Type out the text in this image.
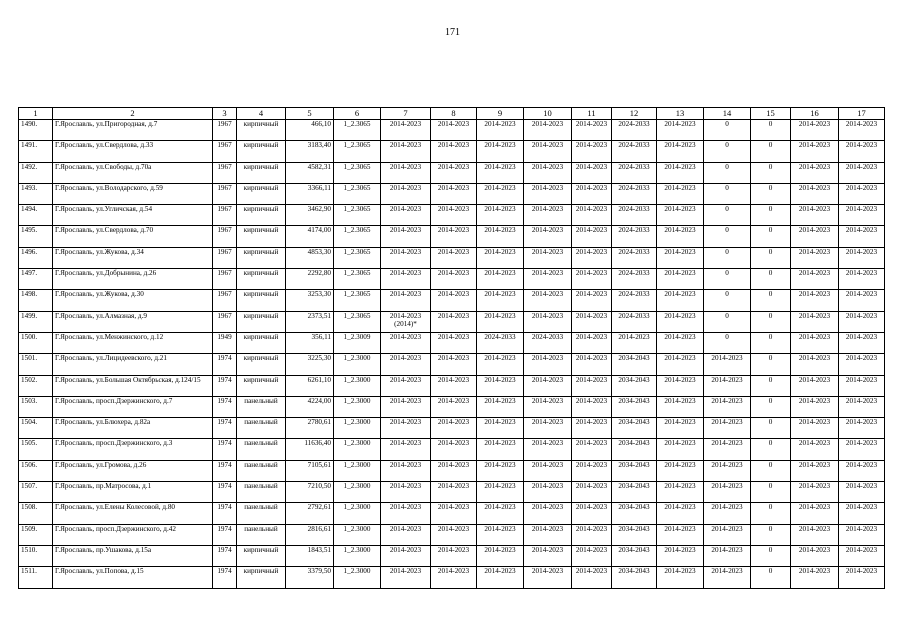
171
1	2	3	4	5	6	7	8	9	10	11	12	13	14	15	16	17
1490.	Г.Ярославль, ул.Пригородная, д.7	1967	кирпичный	466,10	1_2.3065	2014-2023	2014-2023	2014-2023	2014-2023	2014-2023	2024-2033	2014-2023	0	0	2014-2023	2014-2023
1491.	Г.Ярославль, ул.Свердлова, д.33	1967	кирпичный	3183,40	1_2.3065	2014-2023	2014-2023	2014-2023	2014-2023	2014-2023	2024-2033	2014-2023	0	0	2014-2023	2014-2023
1492.	Г.Ярославль, ул.Свободы, д.70а	1967	кирпичный	4582,31	1_2.3065	2014-2023	2014-2023	2014-2023	2014-2023	2014-2023	2024-2033	2014-2023	0	0	2014-2023	2014-2023
1493.	Г.Ярославль, ул.Володарского, д.59	1967	кирпичный	3366,11	1_2.3065	2014-2023	2014-2023	2014-2023	2014-2023	2014-2023	2024-2033	2014-2023	0	0	2014-2023	2014-2023
1494.	Г.Ярославль, ул.Угличская, д.54	1967	кирпичный	3462,90	1_2.3065	2014-2023	2014-2023	2014-2023	2014-2023	2014-2023	2024-2033	2014-2023	0	0	2014-2023	2014-2023
1495.	Г.Ярославль, ул.Свердлова, д.70	1967	кирпичный	4174,00	1_2.3065	2014-2023	2014-2023	2014-2023	2014-2023	2014-2023	2024-2033	2014-2023	0	0	2014-2023	2014-2023
1496.	Г.Ярославль, ул.Жукова, д.34	1967	кирпичный	4853,30	1_2.3065	2014-2023	2014-2023	2014-2023	2014-2023	2014-2023	2024-2033	2014-2023	0	0	2014-2023	2014-2023
1497.	Г.Ярославль, ул.Добрынина, д.26	1967	кирпичный	2292,80	1_2.3065	2014-2023	2014-2023	2014-2023	2014-2023	2014-2023	2024-2033	2014-2023	0	0	2014-2023	2014-2023
1498.	Г.Ярославль, ул.Жукова, д.30	1967	кирпичный	3253,30	1_2.3065	2014-2023	2014-2023	2014-2023	2014-2023	2014-2023	2024-2033	2014-2023	0	0	2014-2023	2014-2023
1499.	Г.Ярославль, ул.Алмазная, д.9	1967	кирпичный	2373,51	1_2.3065	2014-2023 (2014)*	2014-2023	2014-2023	2014-2023	2014-2023	2024-2033	2014-2023	0	0	2014-2023	2014-2023
1500.	Г.Ярославль, ул.Менжинского, д.12	1949	кирпичный	356,11	1_2.3009	2014-2023	2014-2023	2024-2033	2024-2033	2014-2023	2014-2023	2014-2023	0	0	2014-2023	2014-2023
1501.	Г.Ярославль, ул.Лицидеевского, д.21	1974	кирпичный	3225,30	1_2.3000	2014-2023	2014-2023	2014-2023	2014-2023	2014-2023	2034-2043	2014-2023	2014-2023	0	2014-2023	2014-2023
1502.	Г.Ярославль, ул.Большая Октябрьская, д.124/15	1974	кирпичный	6261,10	1_2.3000	2014-2023	2014-2023	2014-2023	2014-2023	2014-2023	2034-2043	2014-2023	2014-2023	0	2014-2023	2014-2023
1503.	Г.Ярославль, просп.Дзержинского, д.7	1974	панельный	4224,00	1_2.3000	2014-2023	2014-2023	2014-2023	2014-2023	2014-2023	2034-2043	2014-2023	2014-2023	0	2014-2023	2014-2023
1504.	Г.Ярославль, ул.Блюхера, д.82а	1974	панельный	2780,61	1_2.3000	2014-2023	2014-2023	2014-2023	2014-2023	2014-2023	2034-2043	2014-2023	2014-2023	0	2014-2023	2014-2023
1505.	Г.Ярославль, просп.Дзержинского, д.3	1974	панельный	11636,40	1_2.3000	2014-2023	2014-2023	2014-2023	2014-2023	2014-2023	2034-2043	2014-2023	2014-2023	0	2014-2023	2014-2023
1506.	Г.Ярославль, ул.Громова, д.26	1974	панельный	7105,61	1_2.3000	2014-2023	2014-2023	2014-2023	2014-2023	2014-2023	2034-2043	2014-2023	2014-2023	0	2014-2023	2014-2023
1507.	Г.Ярославль, пр.Матросова, д.1	1974	панельный	7210,50	1_2.3000	2014-2023	2014-2023	2014-2023	2014-2023	2014-2023	2034-2043	2014-2023	2014-2023	0	2014-2023	2014-2023
1508.	Г.Ярославль, ул.Елены Колесовой, д.80	1974	панельный	2792,61	1_2.3000	2014-2023	2014-2023	2014-2023	2014-2023	2014-2023	2034-2043	2014-2023	2014-2023	0	2014-2023	2014-2023
1509.	Г.Ярославль, просп.Дзержинского, д.42	1974	панельный	2816,61	1_2.3000	2014-2023	2014-2023	2014-2023	2014-2023	2014-2023	2034-2043	2014-2023	2014-2023	0	2014-2023	2014-2023
1510.	Г.Ярославль, пр.Ушакова, д.15а	1974	кирпичный	1843,51	1_2.3000	2014-2023	2014-2023	2014-2023	2014-2023	2014-2023	2034-2043	2014-2023	2014-2023	0	2014-2023	2014-2023
1511.	Г.Ярославль, ул.Попова, д.15	1974	кирпичный	3379,50	1_2.3000	2014-2023	2014-2023	2014-2023	2014-2023	2014-2023	2034-2043	2014-2023	2014-2023	0	2014-2023	2014-2023
